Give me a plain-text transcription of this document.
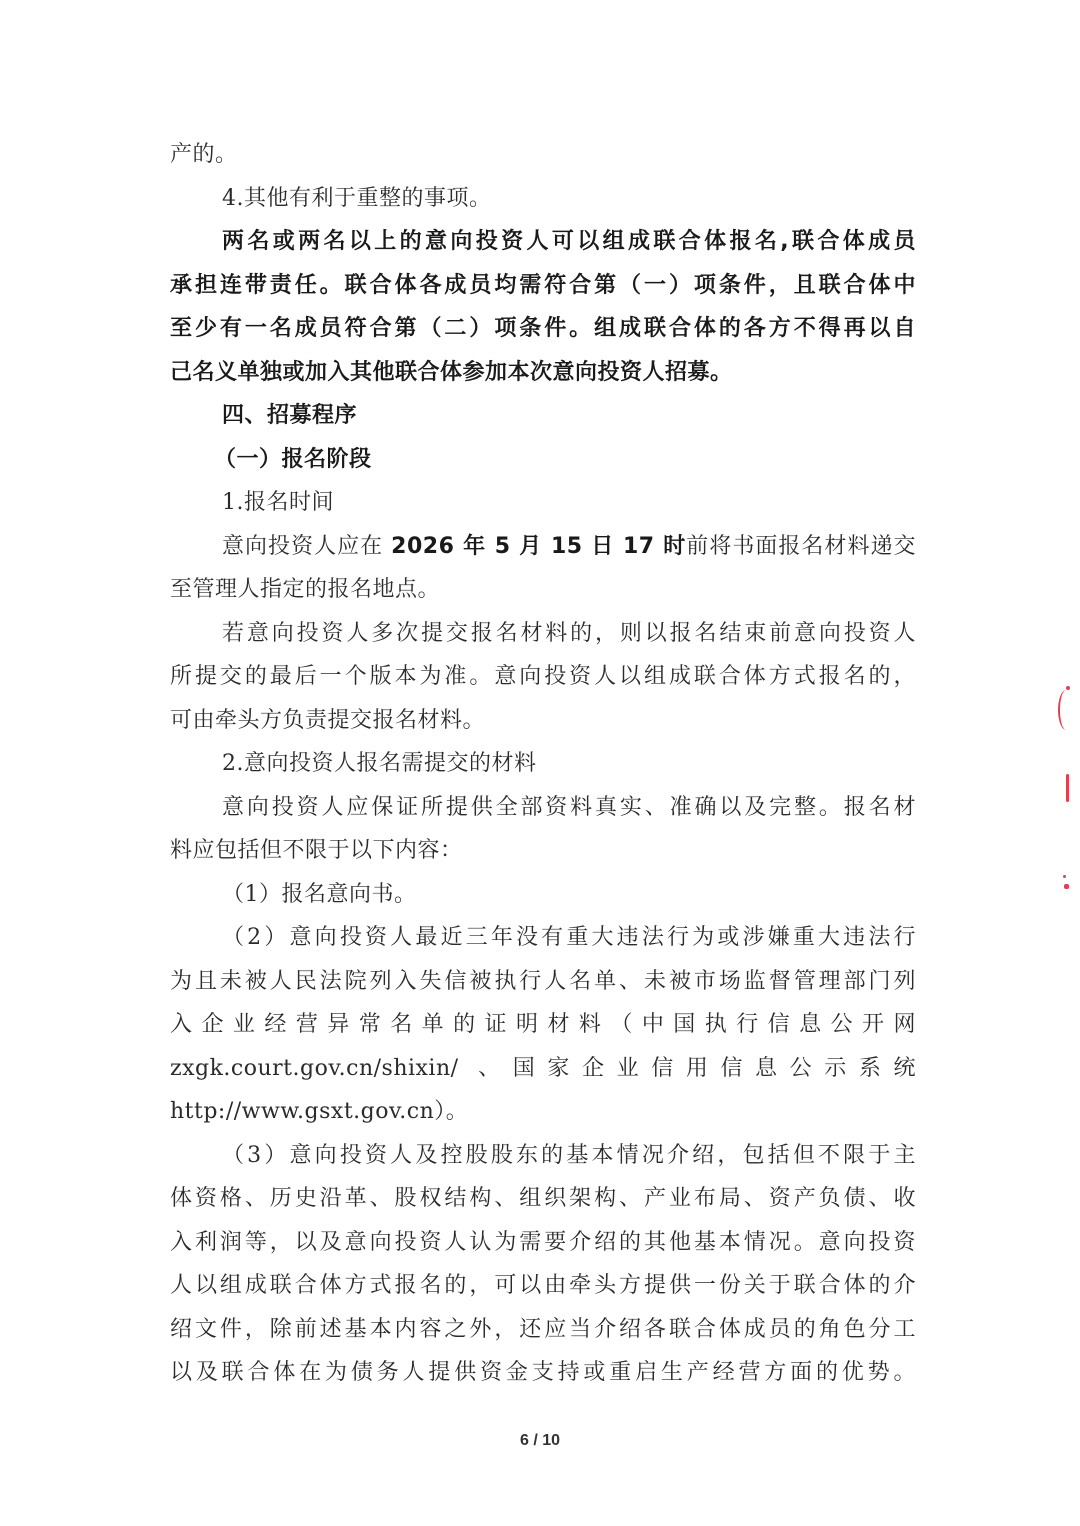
产的。
4.其他有利于重整的事项。
两名或两名以上的意向投资人可以组成联合体报名,联合体成员
承担连带责任。联合体各成员均需符合第（一）项条件，且联合体中
至少有一名成员符合第（二）项条件。组成联合体的各方不得再以自
己名义单独或加入其他联合体参加本次意向投资人招募。
四、招募程序
（一）报名阶段
1.报名时间
意向投资人应在 2026 年 5 月 15 日 17 时前将书面报名材料递交
至管理人指定的报名地点。
若意向投资人多次提交报名材料的，则以报名结束前意向投资人
所提交的最后一个版本为准。意向投资人以组成联合体方式报名的，
可由牵头方负责提交报名材料。
2.意向投资人报名需提交的材料
意向投资人应保证所提供全部资料真实、准确以及完整。报名材
料应包括但不限于以下内容：
（1）报名意向书。
（2）意向投资人最近三年没有重大违法行为或涉嫌重大违法行
为且未被人民法院列入失信被执行人名单、未被市场监督管理部门列
入企业经营异常名单的证明材料（中国执行信息公开网
zxgk.court.gov.cn/shixin/ 、国家企业信用信息公示系统
http://www.gsxt.gov.cn）。
（3）意向投资人及控股股东的基本情况介绍，包括但不限于主
体资格、历史沿革、股权结构、组织架构、产业布局、资产负债、收
入利润等，以及意向投资人认为需要介绍的其他基本情况。意向投资
人以组成联合体方式报名的，可以由牵头方提供一份关于联合体的介
绍文件，除前述基本内容之外，还应当介绍各联合体成员的角色分工
以及联合体在为债务人提供资金支持或重启生产经营方面的优势。
6 / 10
